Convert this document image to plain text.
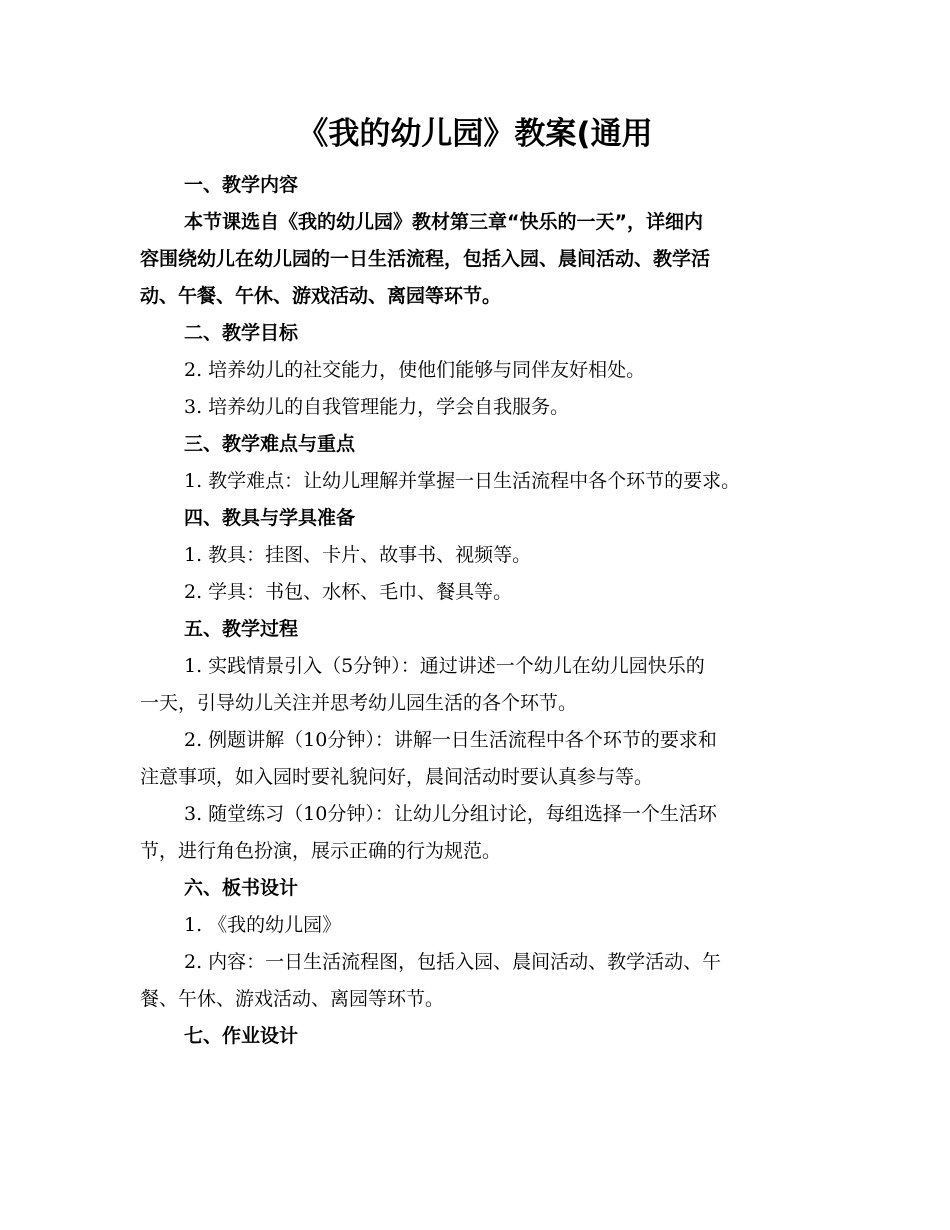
《我的幼儿园》教案(通用
一、教学内容
本节课选自《我的幼儿园》教材第三章“快乐的一天”，详细内
容围绕幼儿在幼儿园的一日生活流程，包括入园、晨间活动、教学活
动、午餐、午休、游戏活动、离园等环节。
二、教学目标
2. 培养幼儿的社交能力，使他们能够与同伴友好相处。
3. 培养幼儿的自我管理能力，学会自我服务。
三、教学难点与重点
1. 教学难点：让幼儿理解并掌握一日生活流程中各个环节的要求。
四、教具与学具准备
1. 教具：挂图、卡片、故事书、视频等。
2. 学具：书包、水杯、毛巾、餐具等。
五、教学过程
1. 实践情景引入（5分钟）：通过讲述一个幼儿在幼儿园快乐的
一天，引导幼儿关注并思考幼儿园生活的各个环节。
2. 例题讲解（10分钟）：讲解一日生活流程中各个环节的要求和
注意事项，如入园时要礼貌问好，晨间活动时要认真参与等。
3. 随堂练习（10分钟）：让幼儿分组讨论，每组选择一个生活环
节，进行角色扮演，展示正确的行为规范。
六、板书设计
1. 《我的幼儿园》
2. 内容：一日生活流程图，包括入园、晨间活动、教学活动、午
餐、午休、游戏活动、离园等环节。
七、作业设计
